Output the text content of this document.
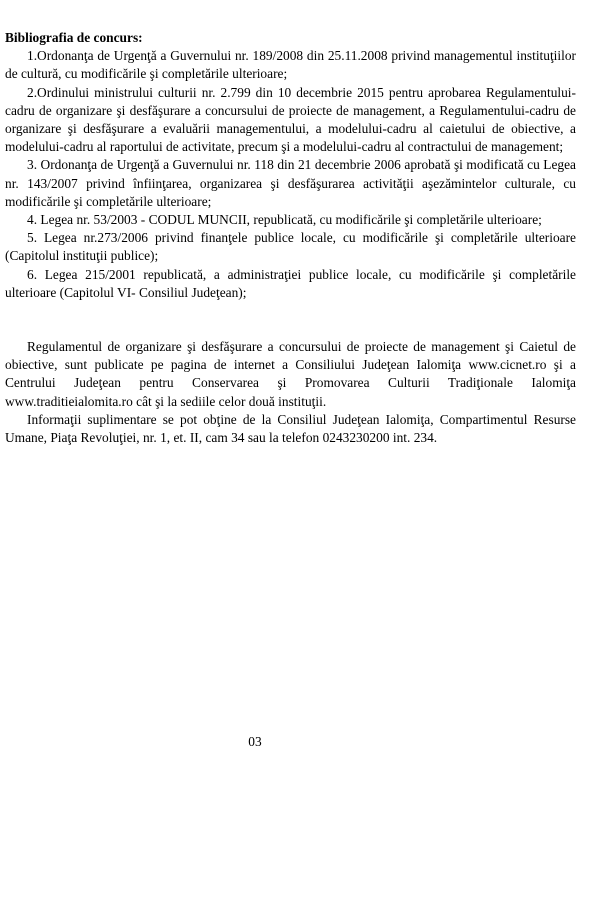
Bibliografia de concurs:

1.Ordonanţa de Urgenţă a Guvernului nr. 189/2008 din 25.11.2008 privind managementul instituţiilor de cultură, cu modificările şi completările ulterioare;

2.Ordinului ministrului culturii nr. 2.799 din 10 decembrie 2015 pentru aprobarea Regulamentului-cadru de organizare şi desfăşurare a concursului de proiecte de management, a Regulamentului-cadru de organizare şi desfăşurare a evaluării managementului, a modelului-cadru al caietului de obiective, a modelului-cadru al raportului de activitate, precum şi a modelului-cadru al contractului de management;

3. Ordonanţa de Urgenţă a Guvernului nr. 118 din 21 decembrie 2006 aprobată şi modificată cu Legea nr. 143/2007 privind înfiinţarea, organizarea şi desfăşurarea activităţii aşezămintelor culturale, cu modificările şi completările ulterioare;

4. Legea nr. 53/2003 - CODUL MUNCII, republicată, cu modificările şi completările ulterioare;

5. Legea nr.273/2006 privind finanţele publice locale, cu modificările şi completările ulterioare (Capitolul instituţii publice);

6. Legea 215/2001 republicată, a administraţiei publice locale, cu modificările şi completările ulterioare (Capitolul VI- Consiliul Judeţean);

Regulamentul de organizare şi desfăşurare a concursului de proiecte de management şi Caietul de obiective, sunt publicate pe pagina de internet a Consiliului Judeţean Ialomiţa www.cicnet.ro şi a Centrului Judeţean pentru Conservarea şi Promovarea Culturii Tradiţionale Ialomiţa www.traditieialomita.ro cât şi la sediile celor două instituţii.

Informaţii suplimentare se pot obţine de la Consiliul Judeţean Ialomiţa, Compartimentul Resurse Umane, Piaţa Revoluţiei, nr. 1, et. II, cam 34 sau la telefon 0243230200 int. 234.

03
